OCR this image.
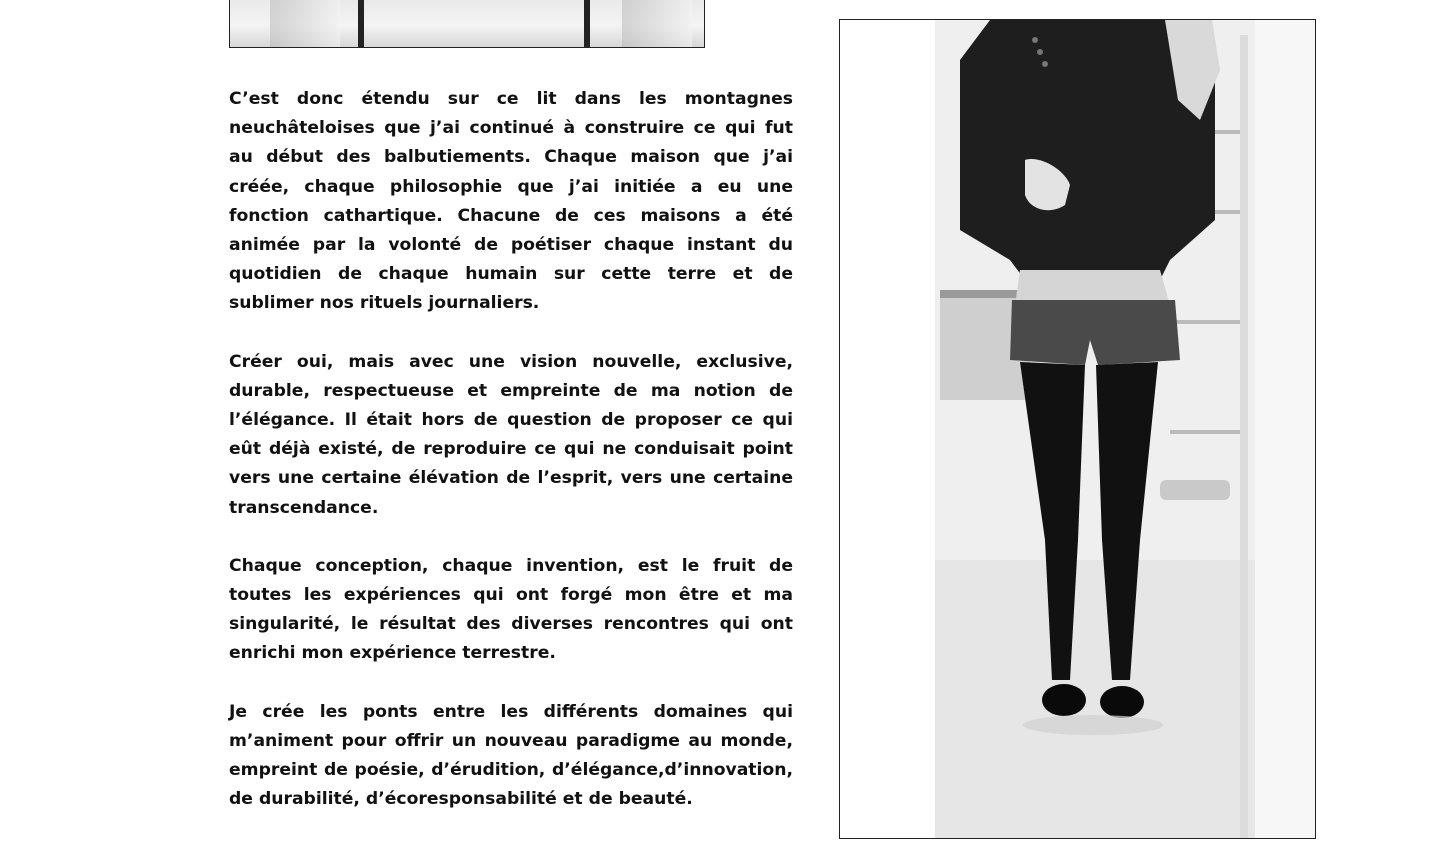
C’est donc étendu sur ce lit dans les montagnes neuchâteloises que j’ai continué à construire ce qui fut au début des balbutiements. Chaque maison que j’ai créée, chaque philosophie que j’ai initiée a eu une fonction cathartique. Chacune de ces maisons a été animée par la volonté de poétiser chaque instant du quotidien de chaque humain sur cette terre et de sublimer nos rituels journaliers.

Créer oui, mais avec une vision nouvelle, exclusive, durable, respectueuse et empreinte de ma notion de l’élégance. Il était hors de question de proposer ce qui eût déjà existé, de reproduire ce qui ne conduisait point vers une certaine élévation de l’esprit, vers une certaine transcendance.

Chaque conception, chaque invention, est le fruit de toutes les expériences qui ont forgé mon être et ma singularité, le résultat des diverses rencontres qui ont enrichi mon expérience terrestre.

Je crée les ponts entre les différents domaines qui m’animent pour offrir un nouveau paradigme au monde, empreint de poésie, d’érudition, d’élégance,d’innovation, de durabilité, d’écoresponsabilité et de beauté.
